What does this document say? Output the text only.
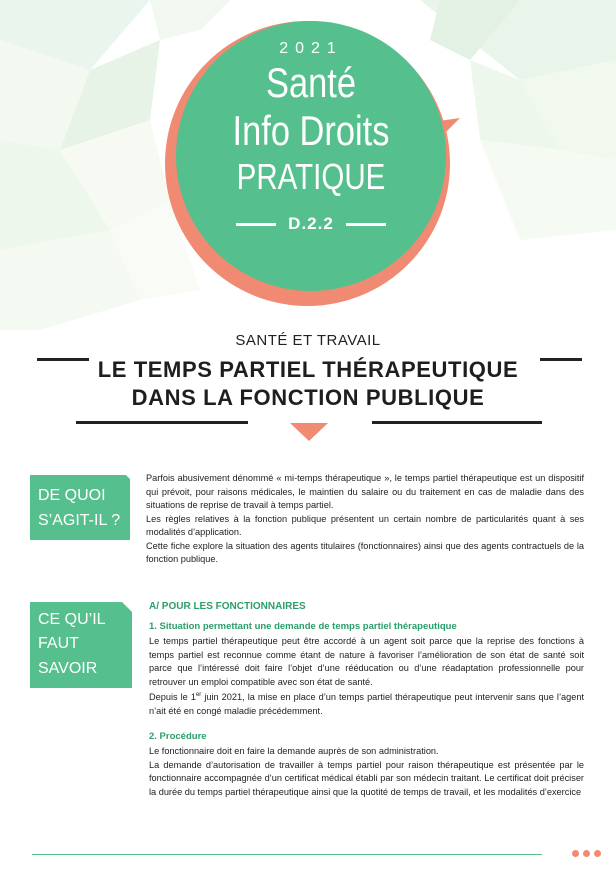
2021
Santé
Info Droits
PRATIQUE
D.2.2
SANTÉ ET TRAVAIL
LE TEMPS PARTIEL THÉRAPEUTIQUE
DANS LA FONCTION PUBLIQUE
DE QUOI
S’AGIT-IL ?

Parfois abusivement dénommé « mi-temps thérapeutique », le temps partiel thérapeutique est un dispositif qui prévoit, pour raisons médicales, le maintien du salaire ou du traitement en cas de maladie dans des situations de reprise de travail à temps partiel.

Les règles relatives à la fonction publique présentent un certain nombre de particularités quant à ses modalités d’application.

Cette fiche explore la situation des agents titulaires (fonctionnaires) ainsi que des agents contractuels de la fonction publique.

CE QU’IL
FAUT
SAVOIR
A/ POUR LES FONCTIONNAIRES
1. Situation permettant une demande de temps partiel thérapeutique

Le temps partiel thérapeutique peut être accordé à un agent soit parce que la reprise des fonctions à temps partiel est reconnue comme étant de nature à favoriser l’amélioration de son état de santé soit parce que l’intéressé doit faire l’objet d’une rééducation ou d’une réadaptation professionnelle pour retrouver un emploi compatible avec son état de santé.

Depuis le 1er juin 2021, la mise en place d’un temps partiel thérapeutique peut intervenir sans que l’agent n’ait été en congé maladie précédemment.

2. Procédure

Le fonctionnaire doit en faire la demande auprès de son administration.

La demande d’autorisation de travailler à temps partiel pour raison thérapeutique est présentée par le fonctionnaire accompagnée d’un certificat médical établi par son médecin traitant. Le certificat doit préciser la durée du temps partiel thérapeutique ainsi que la quotité de temps de travail, et les modalités d’exercice
